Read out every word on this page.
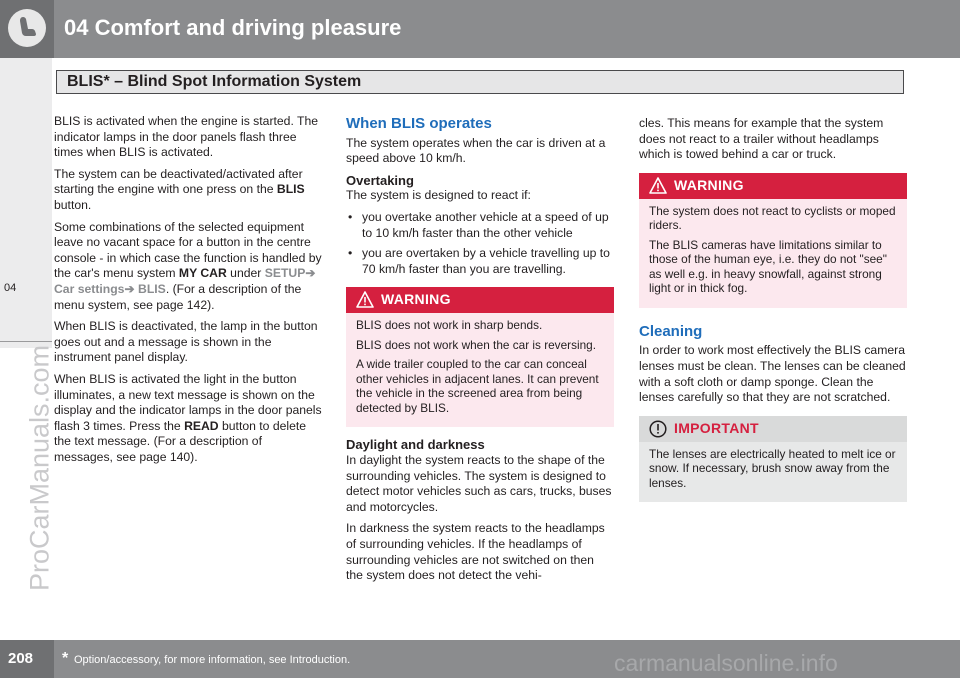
04 Comfort and driving pleasure
BLIS* – Blind Spot Information System
04
ProCarManuals.com

BLIS is activated when the engine is started. The indicator lamps in the door panels flash three times when BLIS is activated.

The system can be deactivated/activated after starting the engine with one press on the BLIS button.

Some combinations of the selected equipment leave no vacant space for a button in the centre console - in which case the function is handled by the car's menu system MY CAR under SETUP➔ Car settings➔ BLIS. (For a description of the menu system, see page 142).

When BLIS is deactivated, the lamp in the button goes out and a message is shown in the instrument panel display.

When BLIS is activated the light in the button illuminates, a new text message is shown on the display and the indicator lamps in the door panels flash 3 times. Press the READ button to delete the text message. (For a description of messages, see page 140).

When BLIS operates

The system operates when the car is driven at a speed above 10 km/h.

Overtaking

The system is designed to react if:

• you overtake another vehicle at a speed of up to 10 km/h faster than the other vehicle
• you are overtaken by a vehicle travelling up to 70 km/h faster than you are travelling.
WARNING

BLIS does not work in sharp bends.

BLIS does not work when the car is reversing.

A wide trailer coupled to the car can conceal other vehicles in adjacent lanes. It can prevent the vehicle in the screened area from being detected by BLIS.

Daylight and darkness

In daylight the system reacts to the shape of the surrounding vehicles. The system is designed to detect motor vehicles such as cars, trucks, buses and motorcycles.

In darkness the system reacts to the headlamps of surrounding vehicles. If the headlamps of surrounding vehicles are not switched on then the system does not detect the vehi-

cles. This means for example that the system does not react to a trailer without headlamps which is towed behind a car or truck.

WARNING

The system does not react to cyclists or moped riders.

The BLIS cameras have limitations similar to those of the human eye, i.e. they do not "see" as well e.g. in heavy snowfall, against strong light or in thick fog.

Cleaning

In order to work most effectively the BLIS camera lenses must be clean. The lenses can be cleaned with a soft cloth or damp sponge. Clean the lenses carefully so that they are not scratched.

IMPORTANT

The lenses are electrically heated to melt ice or snow. If necessary, brush snow away from the lenses.

208 * Option/accessory, for more information, see Introduction.	carmanualsonline.info
